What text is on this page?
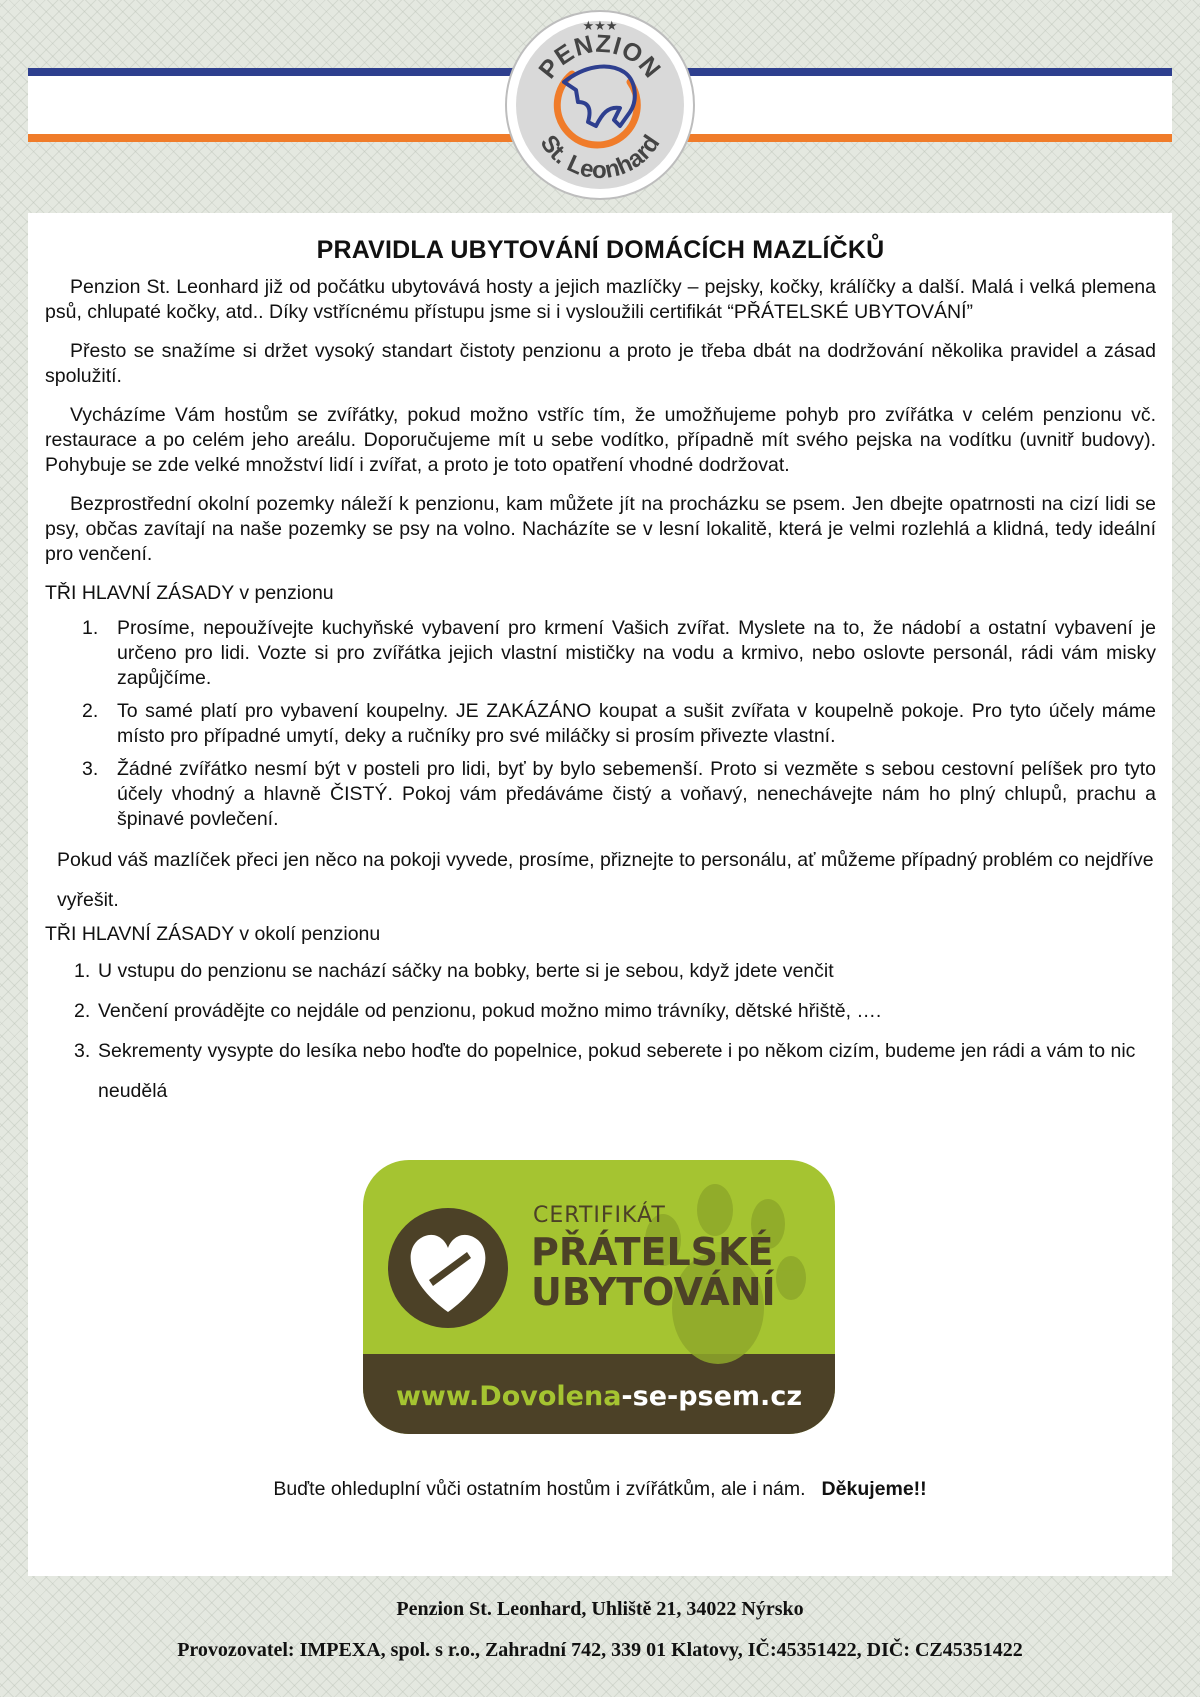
★★★
PENZION
St. Leonhard
PRAVIDLA UBYTOVÁNÍ DOMÁCÍCH MAZLÍČKŮ

Penzion St. Leonhard již od počátku ubytovává hosty a jejich mazlíčky – pejsky, kočky, králíčky a další. Malá i velká plemena psů, chlupaté kočky, atd.. Díky vstřícnému přístupu jsme si i vysloužili certifikát “PŘÁTELSKÉ UBYTOVÁNÍ”

Přesto se snažíme si držet vysoký standart čistoty penzionu a proto je třeba dbát na dodržování několika pravidel a zásad spolužití.

Vycházíme Vám hostům se zvířátky, pokud možno vstříc tím, že umožňujeme pohyb pro zvířátka v celém penzionu vč. restaurace a po celém jeho areálu. Doporučujeme mít u sebe vodítko, případně mít svého pejska na vodítku (uvnitř budovy). Pohybuje se zde velké množství lidí i zvířat, a proto je toto opatření vhodné dodržovat.

Bezprostřední okolní pozemky náleží k penzionu, kam můžete jít na procházku se psem. Jen dbejte opatrnosti na cizí lidi se psy, občas zavítají na naše pozemky se psy na volno. Nacházíte se v lesní lokalitě, která je velmi rozlehlá a klidná, tedy ideální pro venčení.

TŘI HLAVNÍ ZÁSADY v penzionu
1. Prosíme, nepoužívejte kuchyňské vybavení pro krmení Vašich zvířat. Myslete na to, že nádobí a ostatní vybavení je určeno pro lidi. Vozte si pro zvířátka jejich vlastní mističky na vodu a krmivo, nebo oslovte personál, rádi vám misky zapůjčíme.
2. To samé platí pro vybavení koupelny. JE ZAKÁZÁNO koupat a sušit zvířata v koupelně pokoje. Pro tyto účely máme místo pro případné umytí, deky a ručníky pro své miláčky si prosím přivezte vlastní.
3. Žádné zvířátko nesmí být v posteli pro lidi, byť by bylo sebemenší. Proto si vezměte s sebou cestovní pelíšek pro tyto účely vhodný a hlavně ČISTÝ. Pokoj vám předáváme čistý a voňavý, nenechávejte nám ho plný chlupů, prachu a špinavé povlečení.
Pokud váš mazlíček přeci jen něco na pokoji vyvede, prosíme, přiznejte to personálu, ať můžeme případný problém co nejdříve vyřešit.
TŘI HLAVNÍ ZÁSADY v okolí penzionu
1. U vstupu do penzionu se nachází sáčky na bobky, berte si je sebou, když jdete venčit
2. Venčení provádějte co nejdále od penzionu, pokud možno mimo trávníky, dětské hřiště, ….
3. Sekrementy vysypte do lesíka nebo hoďte do popelnice, pokud seberete i po někom cizím, budeme jen rádi a vám to nic neudělá
CERTIFIKÁT
PŘÁTELSKÉ
UBYTOVÁNÍ
www.Dovolena-se-psem.cz
Buďte ohleduplní vůči ostatním hostům i zvířátkům, ale i nám. Děkujeme!!
Penzion St. Leonhard, Uhliště 21, 34022 Nýrsko
Provozovatel: IMPEXA, spol. s r.o., Zahradní 742, 339 01 Klatovy, IČ:45351422, DIČ: CZ45351422
